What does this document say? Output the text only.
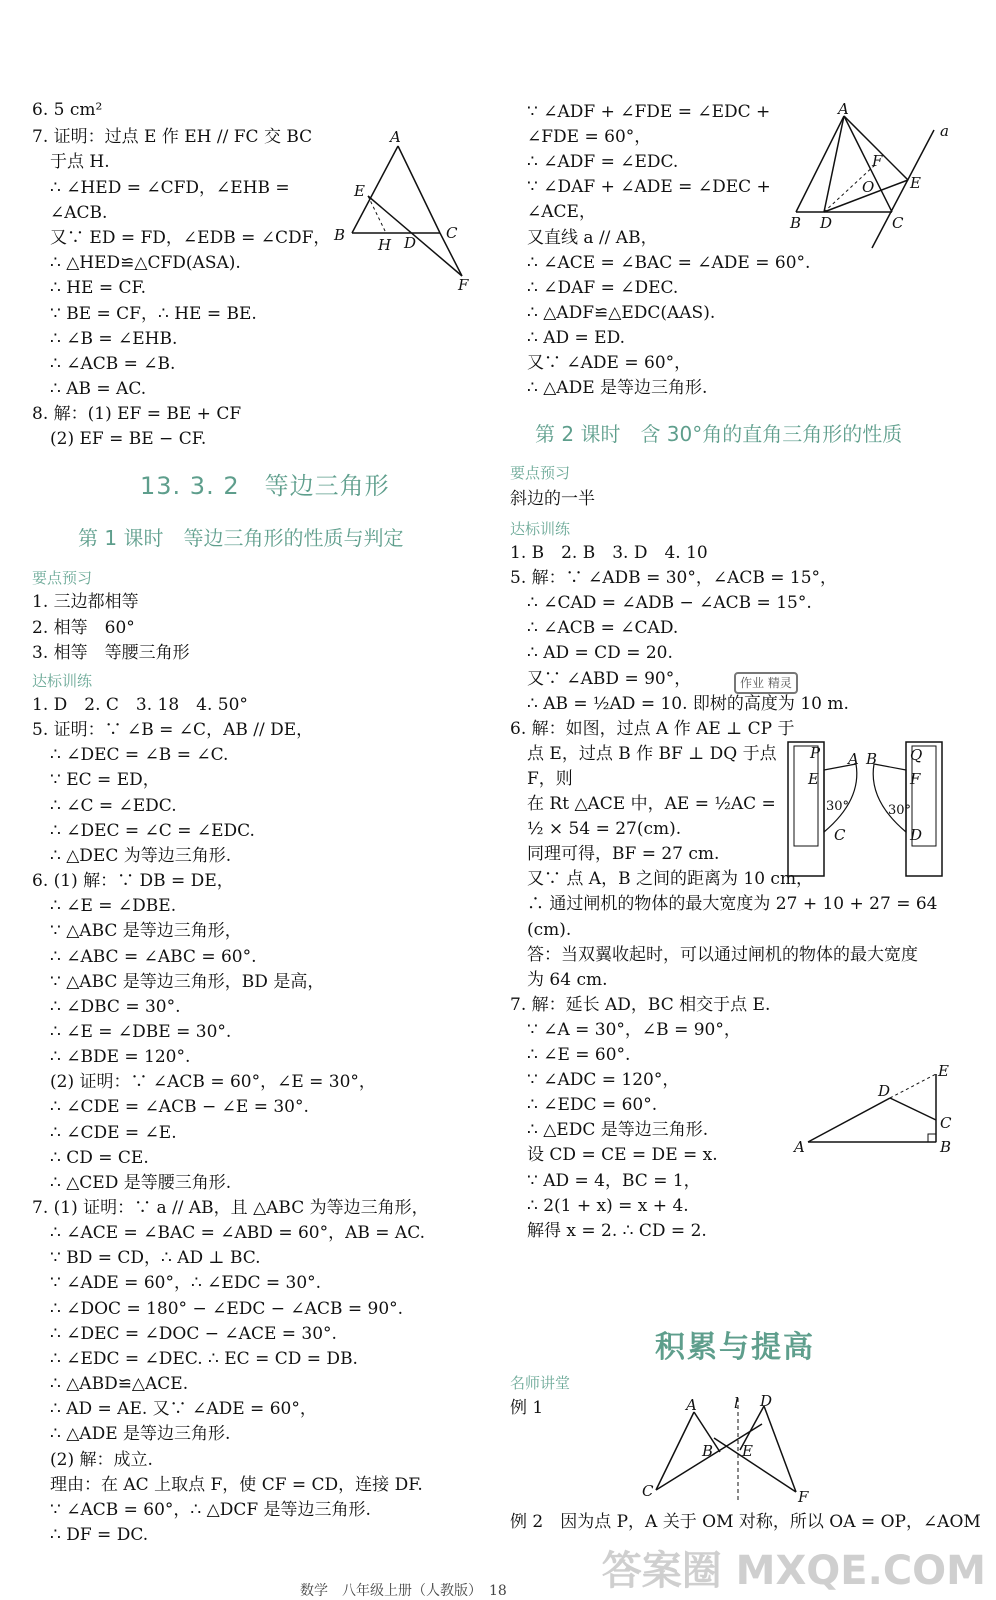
6. 5 cm²
7. 证明：过点 E 作 EH // FC 交 BC
于点 H.
∴ ∠HED = ∠CFD，∠EHB =
∠ACB.
又∵ ED = FD，∠EDB = ∠CDF，
∴ △HED≌△CFD(ASA).
∴ HE = CF.
∵ BE = CF，∴ HE = BE.
∴ ∠B = ∠EHB.
∴ ∠ACB = ∠B.
∴ AB = AC.
8. 解：(1) EF = BE + CF
(2) EF = BE − CF.
A
E
B
H D
C
F
13. 3. 2　等边三角形
第 1 课时　等边三角形的性质与判定
要点预习
1. 三边都相等
2. 相等　60°
3. 相等　等腰三角形
达标训练
1. D　2. C　3. 18　4. 50°
5. 证明：∵ ∠B = ∠C，AB // DE，
∴ ∠DEC = ∠B = ∠C.
∵ EC = ED，
∴ ∠C = ∠EDC.
∴ ∠DEC = ∠C = ∠EDC.
∴ △DEC 为等边三角形.
6. (1) 解：∵ DB = DE，
∴ ∠E = ∠DBE.
∵ △ABC 是等边三角形，
∴ ∠ABC = ∠ABC = 60°.
∵ △ABC 是等边三角形，BD 是高，
∴ ∠DBC = 30°.
∴ ∠E = ∠DBE = 30°.
∴ ∠BDE = 120°.
(2) 证明：∵ ∠ACB = 60°，∠E = 30°，
∴ ∠CDE = ∠ACB − ∠E = 30°.
∴ ∠CDE = ∠E.
∴ CD = CE.
∴ △CED 是等腰三角形.
7. (1) 证明：∵ a // AB，且 △ABC 为等边三角形，
∴ ∠ACE = ∠BAC = ∠ABD = 60°，AB = AC.
∵ BD = CD，∴ AD ⊥ BC.
∵ ∠ADE = 60°，∴ ∠EDC = 30°.
∴ ∠DOC = 180° − ∠EDC − ∠ACB = 90°.
∴ ∠DEC = ∠DOC − ∠ACE = 30°.
∴ ∠EDC = ∠DEC. ∴ EC = CD = DB.
∴ △ABD≌△ACE.
∴ AD = AE. 又∵ ∠ADE = 60°，
∴ △ADE 是等边三角形.
(2) 解：成立.
理由：在 AC 上取点 F，使 CF = CD，连接 DF.
∵ ∠ACB = 60°，∴ △DCF 是等边三角形.
∴ DF = DC.
∵ ∠ADF + ∠FDE = ∠EDC +
∠FDE = 60°，
∴ ∠ADF = ∠EDC.
∵ ∠DAF + ∠ADE = ∠DEC +
∠ACE，
又直线 a // AB，
∴ ∠ACE = ∠BAC = ∠ADE = 60°.
∴ ∠DAF = ∠DEC.
∴ △ADF≌△EDC(AAS).
∴ AD = ED.
又∵ ∠ADE = 60°，
∴ △ADE 是等边三角形.
A
F
O E
B D	C
a
第 2 课时　含 30°角的直角三角形的性质
要点预习
斜边的一半
达标训练
1. B　2. B　3. D　4. 10
5. 解：∵ ∠ADB = 30°，∠ACB = 15°，
∴ ∠CAD = ∠ADB − ∠ACB = 15°.
∴ ∠ACB = ∠CAD.
∴ AD = CD = 20.
又∵ ∠ABD = 90°，
∴ AB = ½AD = 10. 即树的高度为 10 m.
6. 解：如图，过点 A 作 AE ⊥ CP 于
点 E，过点 B 作 BF ⊥ DQ 于点
F，则
在 Rt △ACE 中，AE = ½AC =
½ × 54 = 27(cm).
同理可得，BF = 27 cm.
又∵ 点 A，B 之间的距离为 10 cm，
∴ 通过闸机的物体的最大宽度为 27 + 10 + 27 = 64
(cm).
答：当双翼收起时，可以通过闸机的物体的最大宽度
为 64 cm.
7. 解：延长 AD，BC 相交于点 E.
∵ ∠A = 30°，∠B = 90°，
∴ ∠E = 60°.
∵ ∠ADC = 120°，
∴ ∠EDC = 60°.
∴ △EDC 是等边三角形.
设 CD = CE = DE = x.
∵ AD = 4，BC = 1，
∴ 2(1 + x) = x + 4.
解得 x = 2. ∴ CD = 2.
作业 精灵
P
E
A B Q
F
30°	30°
C	D
A
D
E
C
B
积累与提高
名师讲堂
例 1	A l D
B E
C	F
例 2　因为点 P，A 关于 OM 对称，所以 OA = OP，∠AOM
数学　八年级上册（人教版）　18 答案圈 MXQE.COM
